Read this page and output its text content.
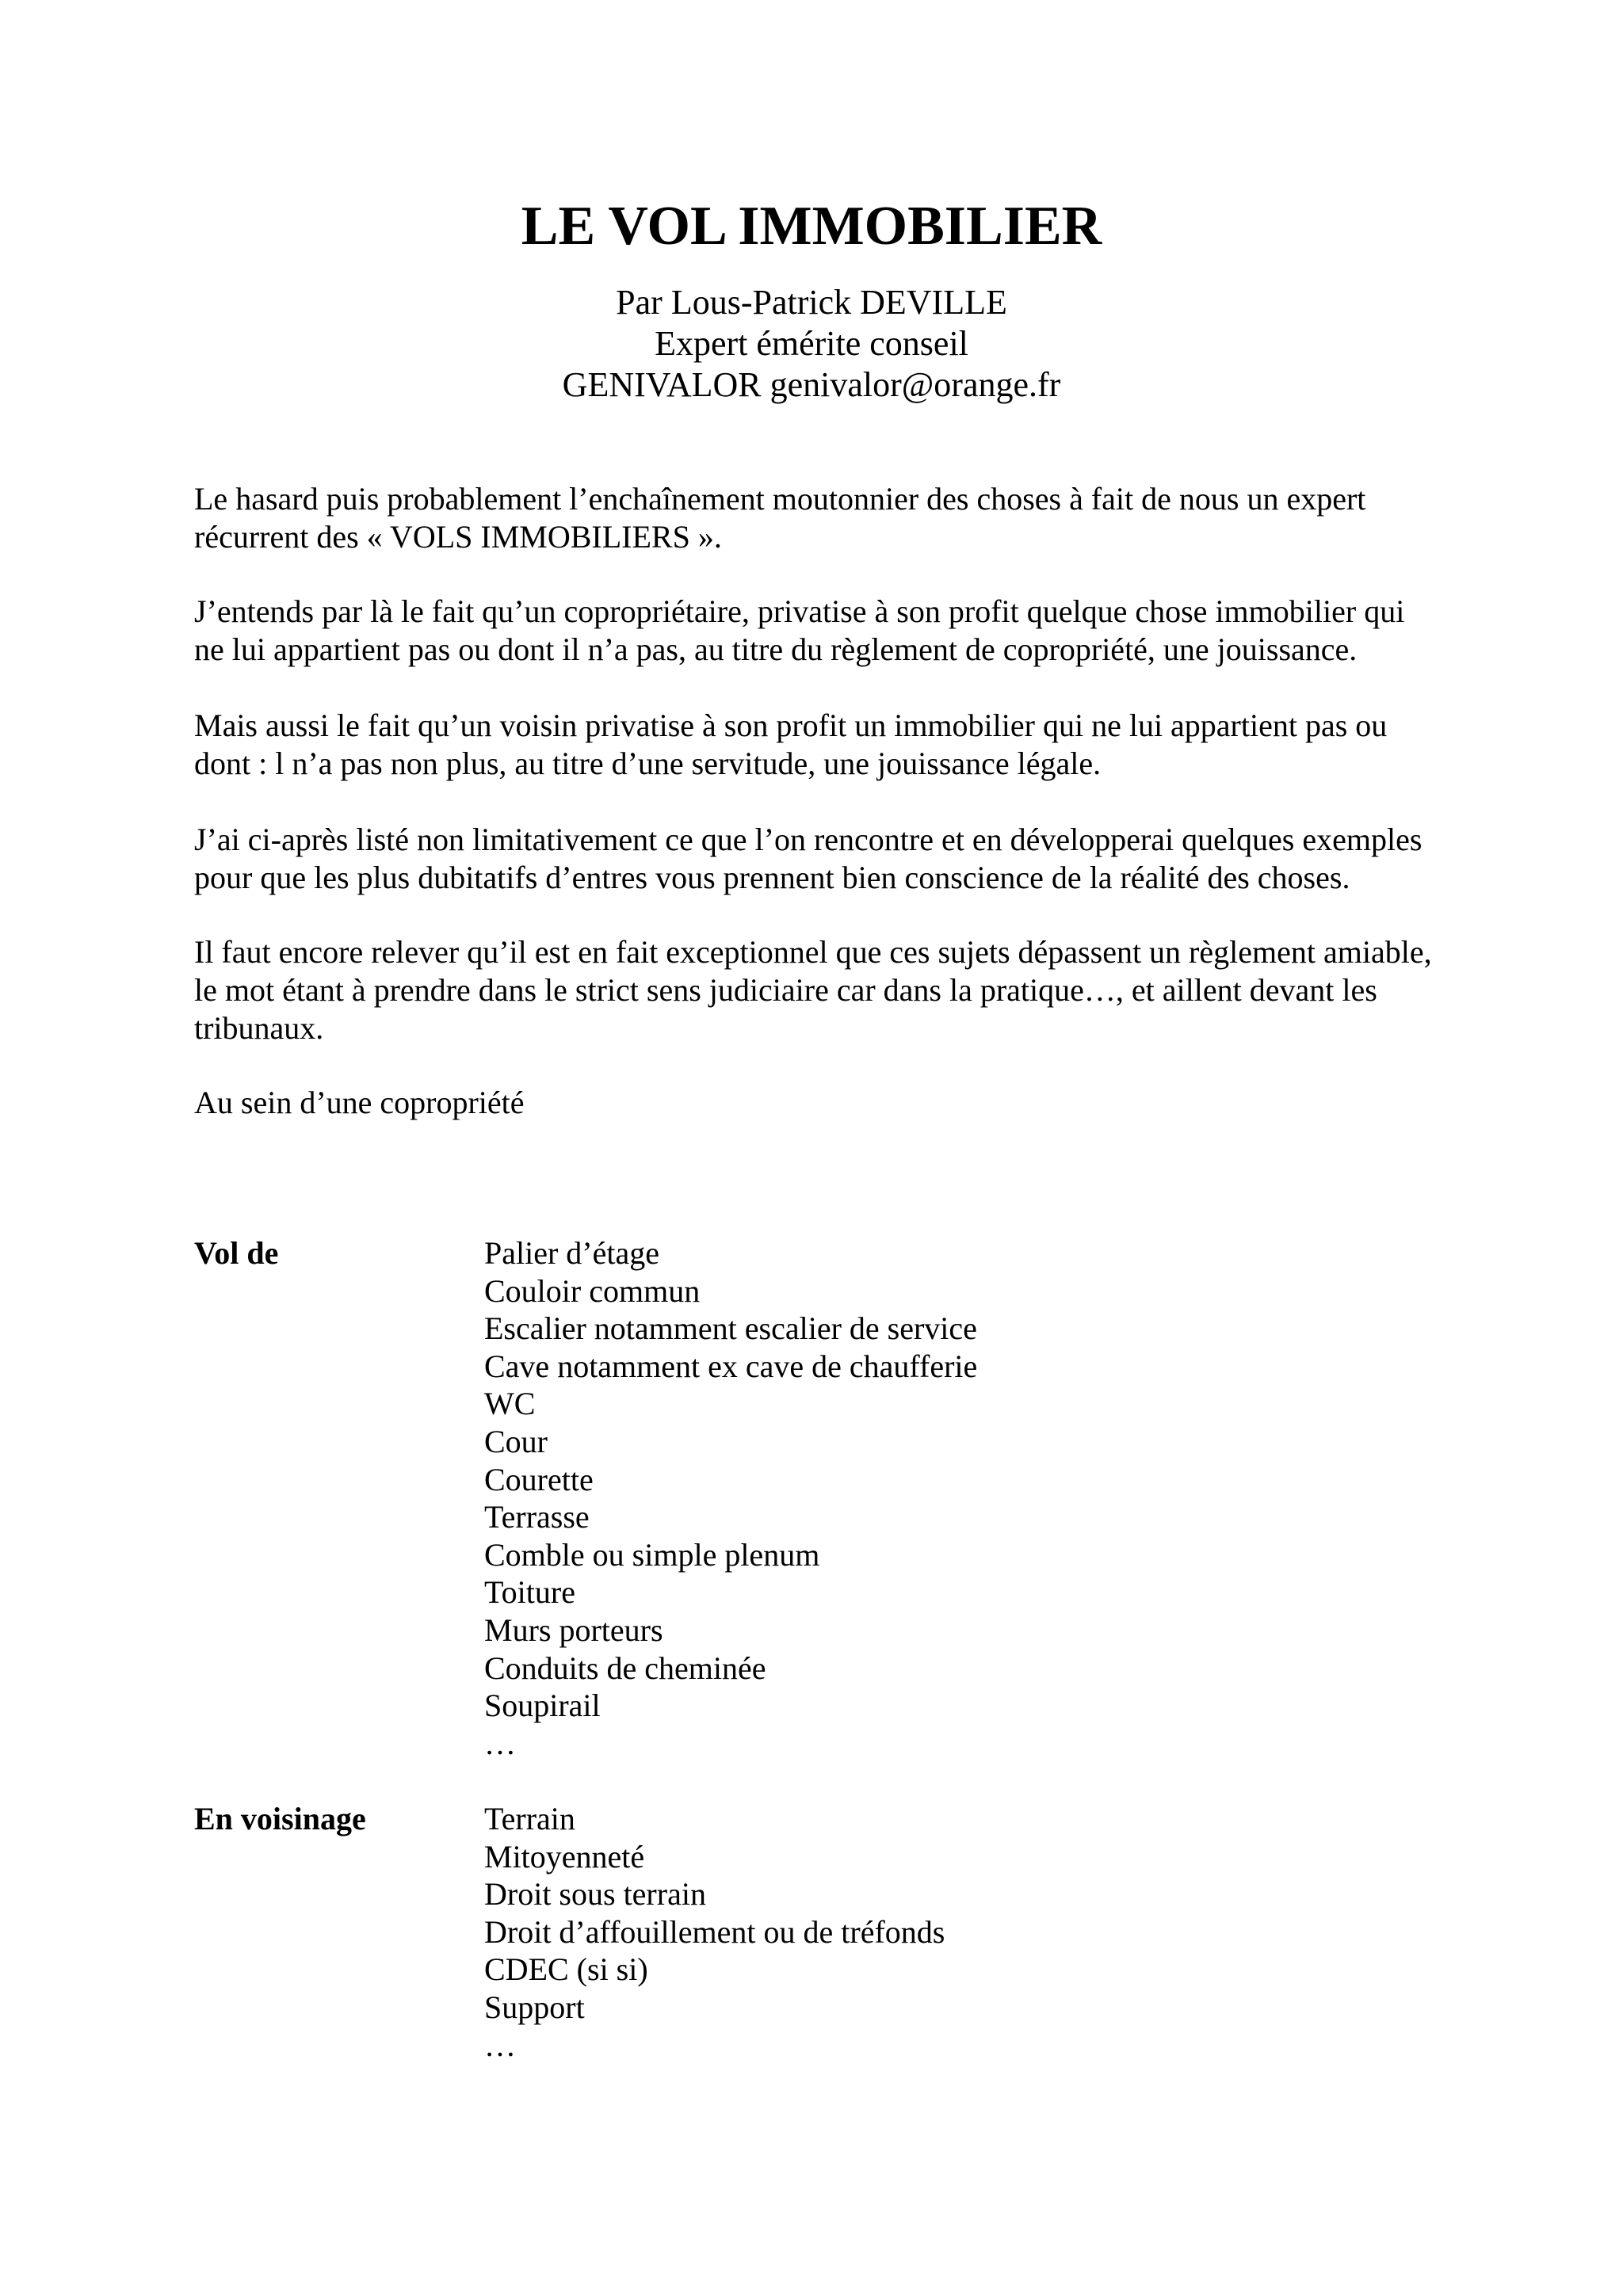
LE VOL IMMOBILIER

Par Lous-Patrick DEVILLE

Expert émérite conseil

GENIVALOR genivalor@orange.fr

Le hasard puis probablement l’enchaînement moutonnier des choses à fait de nous un expert
récurrent des « VOLS IMMOBILIERS ».
J’entends par là le fait qu’un copropriétaire, privatise à son profit quelque chose immobilier qui
ne lui appartient pas ou dont il n’a pas, au titre du règlement de copropriété, une jouissance.
Mais aussi le fait qu’un voisin privatise à son profit un immobilier qui ne lui appartient pas ou
dont : l n’a pas non plus, au titre d’une servitude, une jouissance légale.
J’ai ci-après listé non limitativement ce que l’on rencontre et en développerai quelques exemples
pour que les plus dubitatifs d’entres vous prennent bien conscience de la réalité des choses.
Il faut encore relever qu’il est en fait exceptionnel que ces sujets dépassent un règlement amiable,
le mot étant à prendre dans le strict sens judiciaire car dans la pratique…, et aillent devant les
tribunaux.
Au sein d’une copropriété

Vol de	Palier d’étage
Couloir commun
Escalier notamment escalier de service
Cave notamment ex cave de chaufferie
WC
Cour
Courette
Terrasse
Comble ou simple plenum
Toiture
Murs porteurs
Conduits de cheminée
Soupirail
…

En voisinage	Terrain
Mitoyenneté
Droit sous terrain
Droit d’affouillement ou de tréfonds
CDEC (si si)
Support
…
